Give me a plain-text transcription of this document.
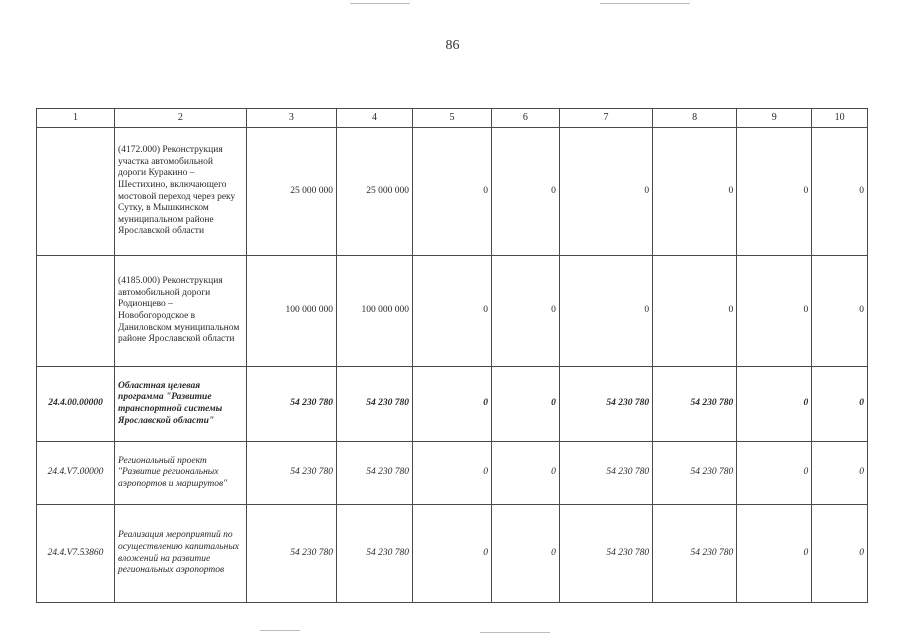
86
1	2	3	4	5	6	7	8	9	10
	(4172.000) Реконструкция участка автомобильной дороги Куракино – Шестихино, включающего мостовой переход через реку Сутку, в Мышкинском муниципальном районе Ярославской области	25 000 000	25 000 000	0	0	0	0	0	0
	(4185.000) Реконструкция автомобильной дороги Родионцево – Новобогородское в Даниловском муниципальном районе Ярославской области	100 000 000	100 000 000	0	0	0	0	0	0
24.4.00.00000	Областная целевая программа "Развитие транспортной системы Ярославской области"	54 230 780	54 230 780	0	0	54 230 780	54 230 780	0	0
24.4.V7.00000	Региональный проект "Развитие региональных аэропортов и маршрутов"	54 230 780	54 230 780	0	0	54 230 780	54 230 780	0	0
24.4.V7.53860	Реализация мероприятий по осуществлению капитальных вложений на развитие региональных аэропортов	54 230 780	54 230 780	0	0	54 230 780	54 230 780	0	0
